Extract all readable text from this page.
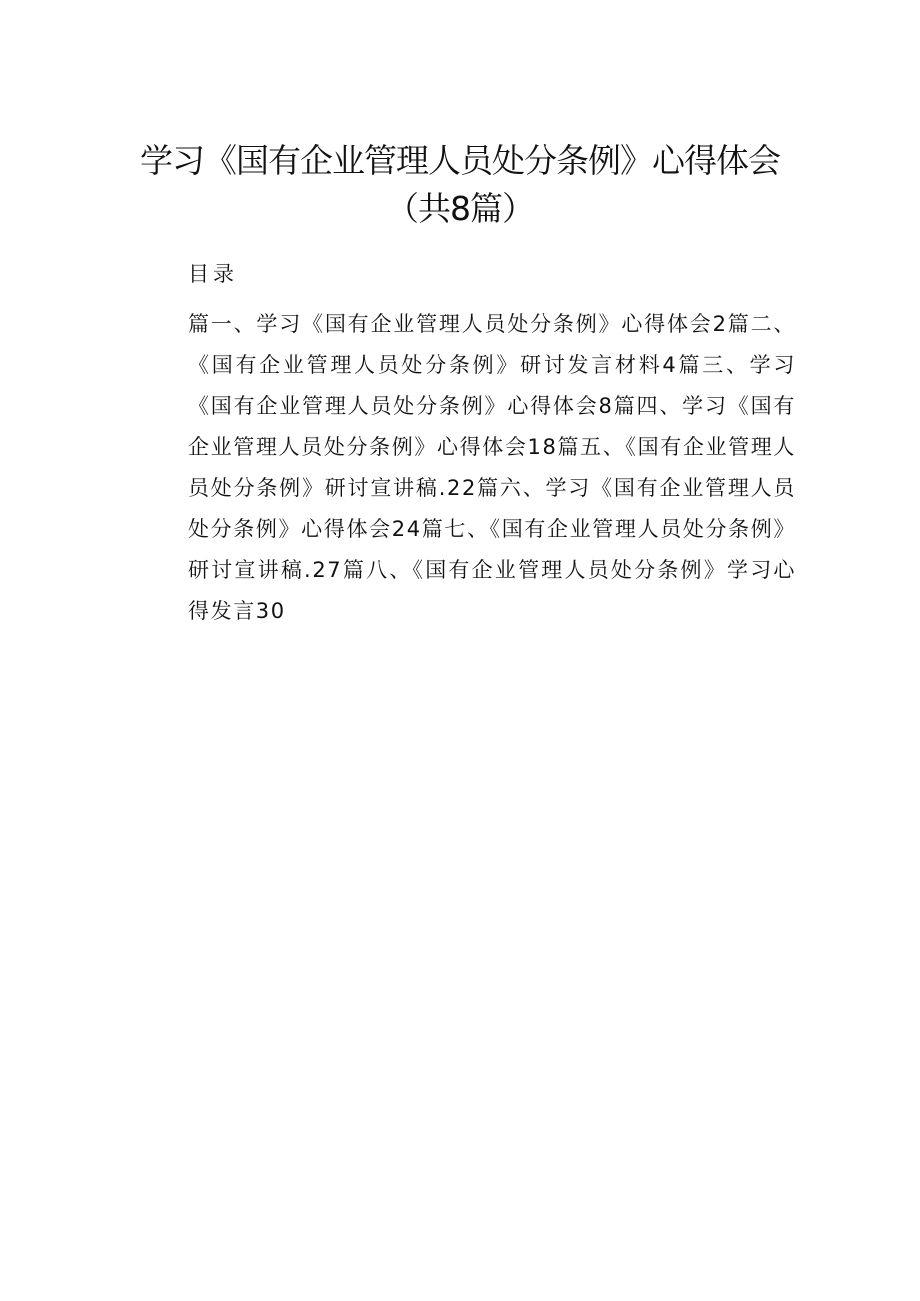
学习《国有企业管理人员处分条例》心得体会（共8篇）
目录
篇一、学习《国有企业管理人员处分条例》心得体会2篇二、《国有企业管理人员处分条例》研讨发言材料4篇三、学习《国有企业管理人员处分条例》心得体会8篇四、学习《国有企业管理人员处分条例》心得体会18篇五、《国有企业管理人员处分条例》研讨宣讲稿.22篇六、学习《国有企业管理人员处分条例》心得体会24篇七、《国有企业管理人员处分条例》研讨宣讲稿.27篇八、《国有企业管理人员处分条例》学习心得发言30
